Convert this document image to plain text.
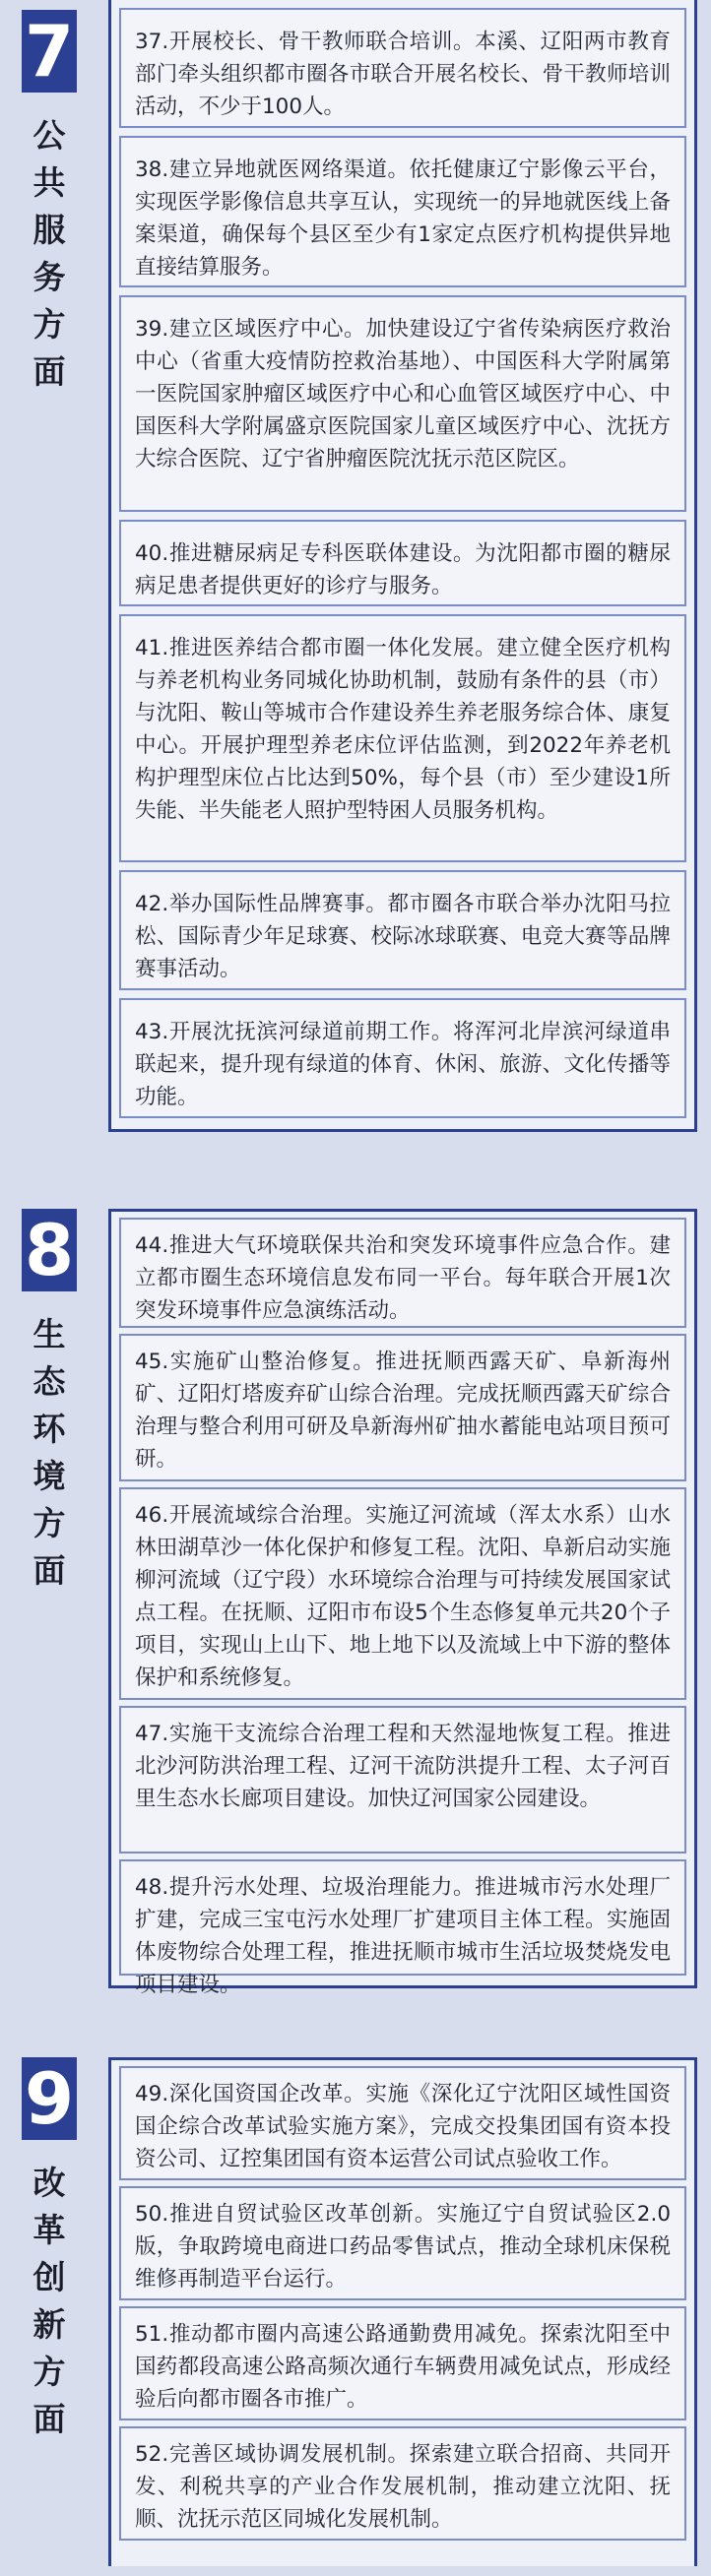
7
公
共
服
务
方
面
37.开展校长、骨干教师联合培训。本溪、辽阳两市教育部门牵头组织都市圈各市联合开展名校长、骨干教师培训活动，不少于100人。
38.建立异地就医网络渠道。依托健康辽宁影像云平台，实现医学影像信息共享互认，实现统一的异地就医线上备案渠道，确保每个县区至少有1家定点医疗机构提供异地直接结算服务。
39.建立区域医疗中心。加快建设辽宁省传染病医疗救治中心（省重大疫情防控救治基地）、中国医科大学附属第一医院国家肿瘤区域医疗中心和心血管区域医疗中心、中国医科大学附属盛京医院国家儿童区域医疗中心、沈抚方大综合医院、辽宁省肿瘤医院沈抚示范区院区。
40.推进糖尿病足专科医联体建设。为沈阳都市圈的糖尿病足患者提供更好的诊疗与服务。
41.推进医养结合都市圈一体化发展。建立健全医疗机构与养老机构业务同城化协助机制，鼓励有条件的县（市）与沈阳、鞍山等城市合作建设养生养老服务综合体、康复中心。开展护理型养老床位评估监测，到2022年养老机构护理型床位占比达到50%，每个县（市）至少建设1所失能、半失能老人照护型特困人员服务机构。
42.举办国际性品牌赛事。都市圈各市联合举办沈阳马拉松、国际青少年足球赛、校际冰球联赛、电竞大赛等品牌赛事活动。
43.开展沈抚滨河绿道前期工作。将浑河北岸滨河绿道串联起来，提升现有绿道的体育、休闲、旅游、文化传播等功能。
8
生
态
环
境
方
面
44.推进大气环境联保共治和突发环境事件应急合作。建立都市圈生态环境信息发布同一平台。每年联合开展1次突发环境事件应急演练活动。
45.实施矿山整治修复。推进抚顺西露天矿、阜新海州矿、辽阳灯塔废弃矿山综合治理。完成抚顺西露天矿综合治理与整合利用可研及阜新海州矿抽水蓄能电站项目预可研。
46.开展流域综合治理。实施辽河流域（浑太水系）山水林田湖草沙一体化保护和修复工程。沈阳、阜新启动实施柳河流域（辽宁段）水环境综合治理与可持续发展国家试点工程。在抚顺、辽阳市布设5个生态修复单元共20个子项目，实现山上山下、地上地下以及流域上中下游的整体保护和系统修复。
47.实施干支流综合治理工程和天然湿地恢复工程。推进北沙河防洪治理工程、辽河干流防洪提升工程、太子河百里生态水长廊项目建设。加快辽河国家公园建设。
48.提升污水处理、垃圾治理能力。推进城市污水处理厂扩建，完成三宝屯污水处理厂扩建项目主体工程。实施固体废物综合处理工程，推进抚顺市城市生活垃圾焚烧发电项目建设。
9
改
革
创
新
方
面
49.深化国资国企改革。实施《深化辽宁沈阳区域性国资国企综合改革试验实施方案》，完成交投集团国有资本投资公司、辽控集团国有资本运营公司试点验收工作。
50.推进自贸试验区改革创新。实施辽宁自贸试验区2.0版，争取跨境电商进口药品零售试点，推动全球机床保税维修再制造平台运行。
51.推动都市圈内高速公路通勤费用减免。探索沈阳至中国药都段高速公路高频次通行车辆费用减免试点，形成经验后向都市圈各市推广。
52.完善区域协调发展机制。探索建立联合招商、共同开发、利税共享的产业合作发展机制，推动建立沈阳、抚顺、沈抚示范区同城化发展机制。
